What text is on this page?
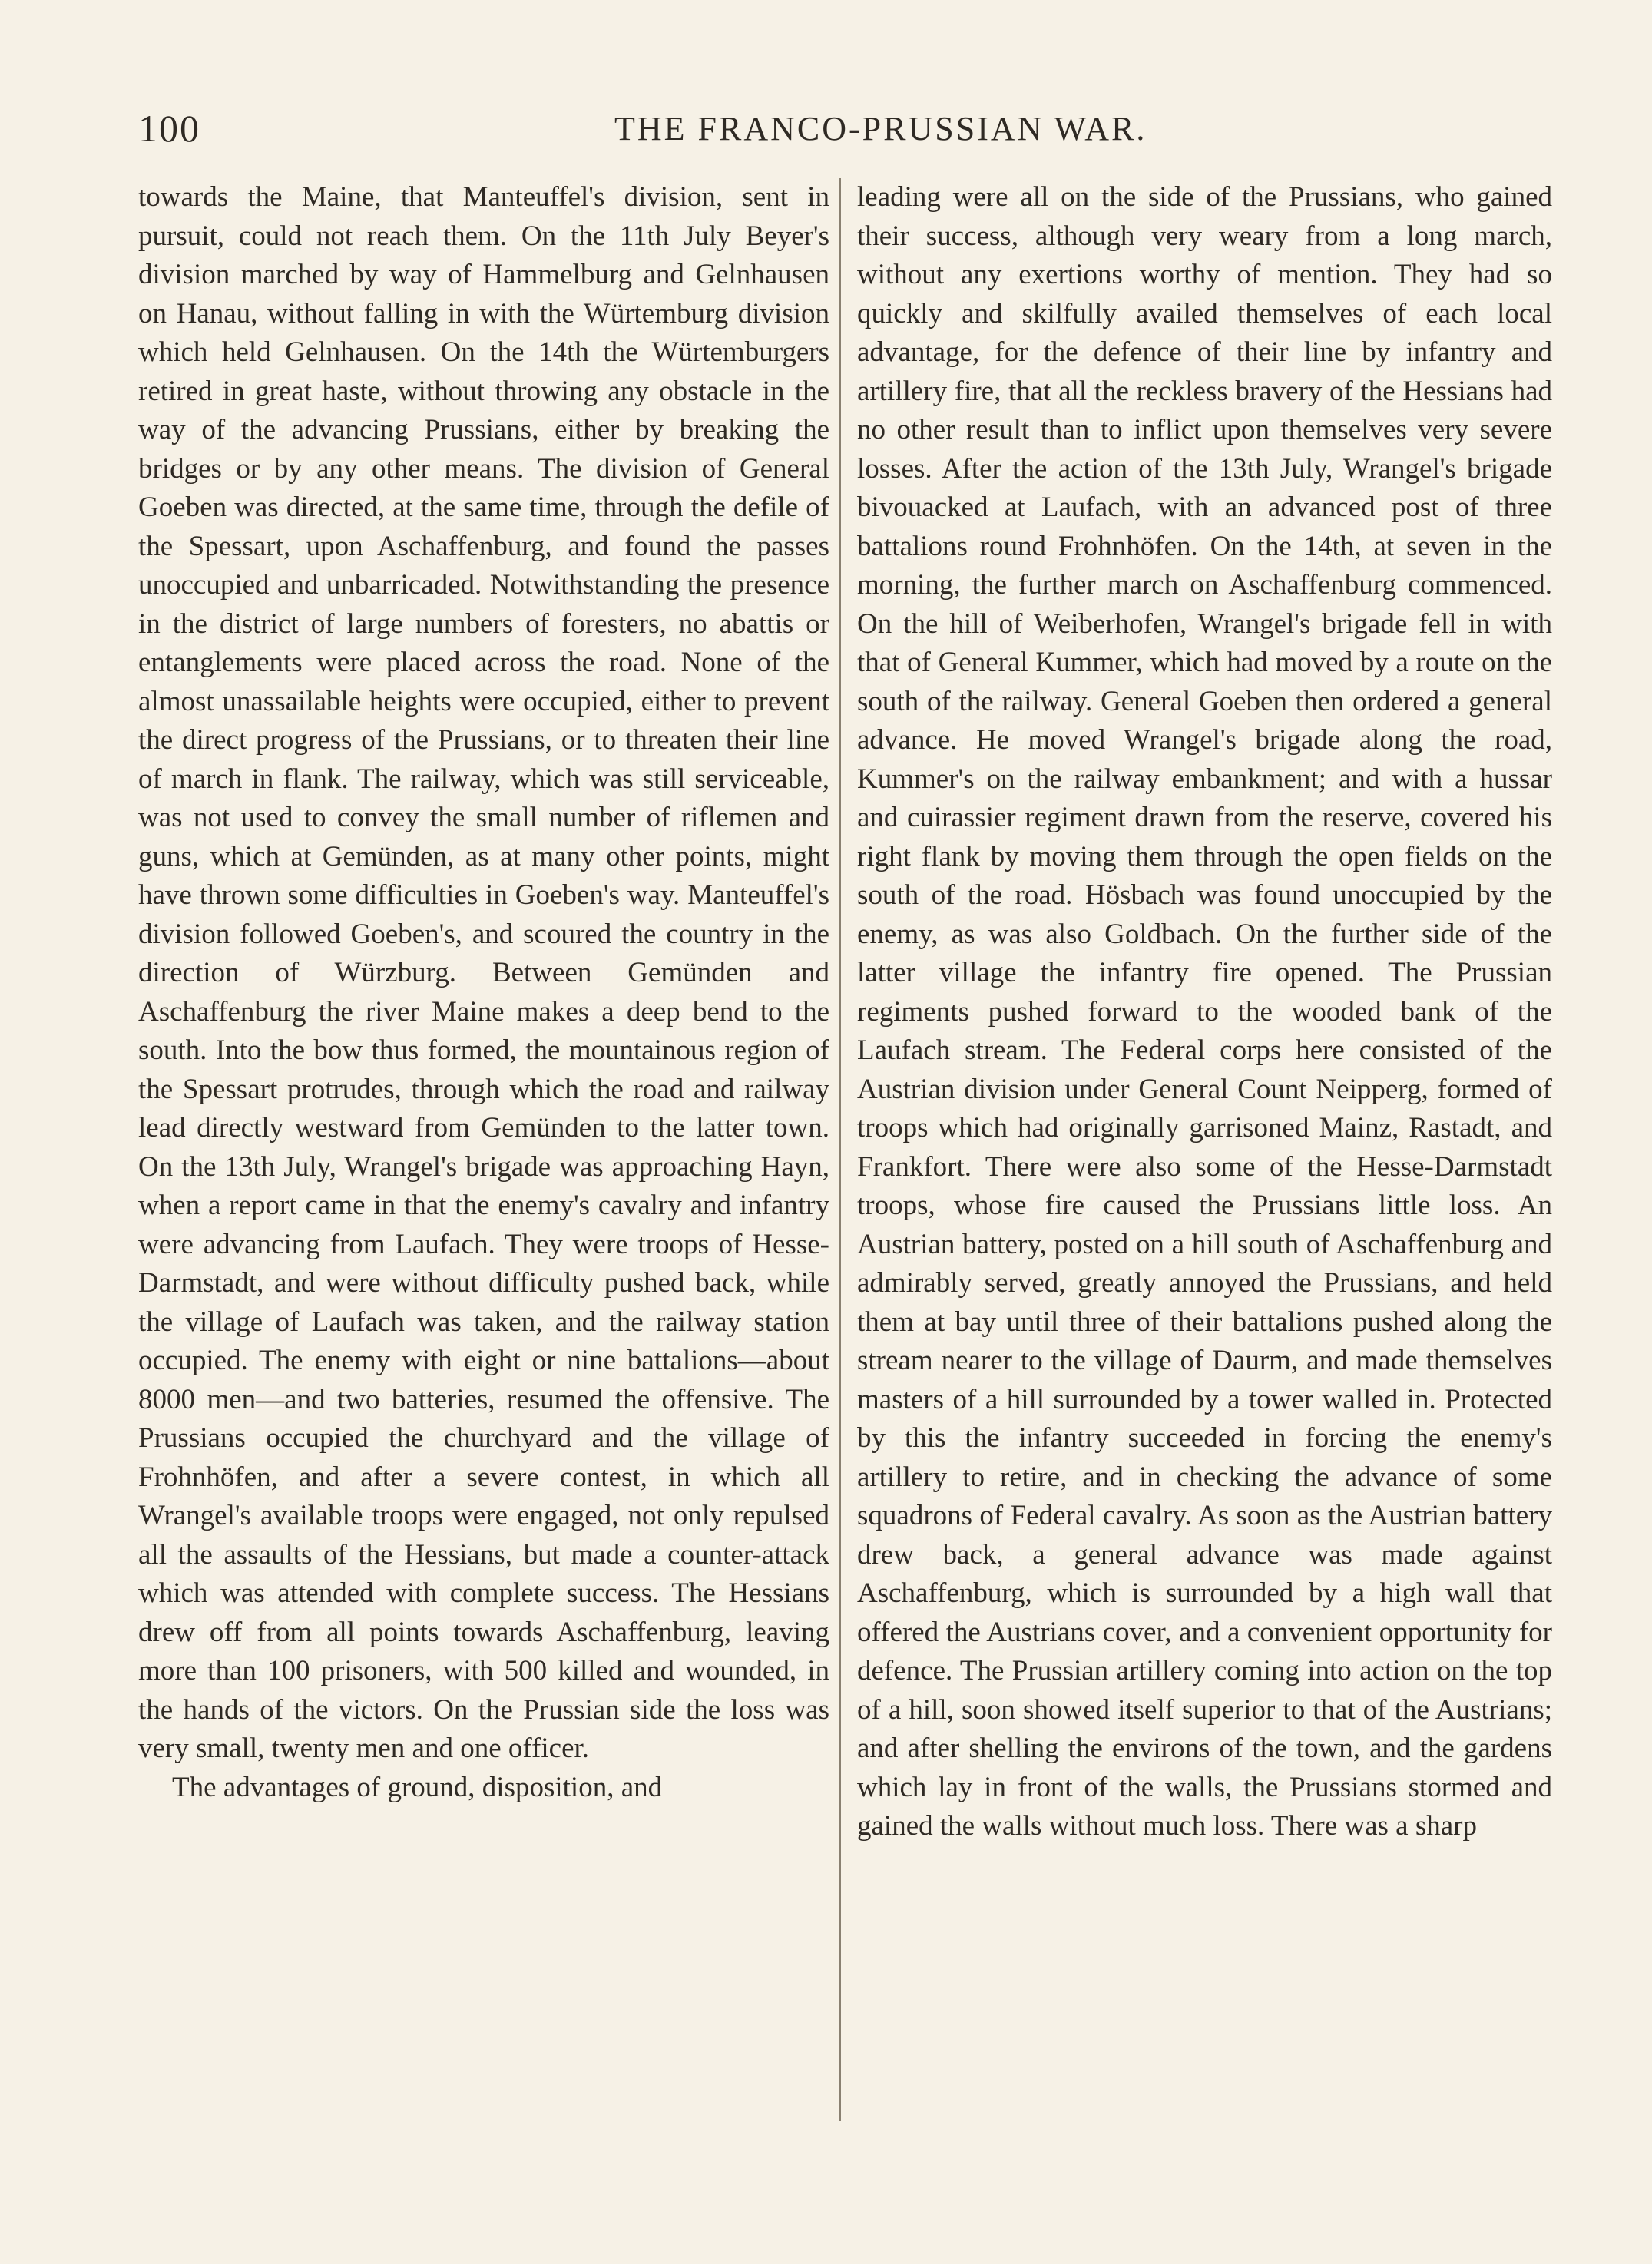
100	THE FRANCO-PRUSSIAN WAR.

towards the Maine, that Manteuffel's division, sent in pursuit, could not reach them. On the 11th July Beyer's division marched by way of Hammelburg and Gelnhausen on Hanau, without falling in with the Würtemburg division which held Gelnhausen. On the 14th the Würtemburgers retired in great haste, without throwing any obstacle in the way of the advancing Prussians, either by breaking the bridges or by any other means. The division of General Goeben was directed, at the same time, through the defile of the Spessart, upon Aschaffenburg, and found the passes unoccupied and unbarricaded. Notwithstanding the presence in the district of large numbers of foresters, no abattis or entanglements were placed across the road. None of the almost unassailable heights were occupied, either to prevent the direct progress of the Prussians, or to threaten their line of march in flank. The railway, which was still serviceable, was not used to convey the small number of riflemen and guns, which at Gemünden, as at many other points, might have thrown some difficulties in Goeben's way. Manteuffel's division followed Goeben's, and scoured the country in the direction of Würzburg. Between Gemünden and Aschaffenburg the river Maine makes a deep bend to the south. Into the bow thus formed, the mountainous region of the Spessart protrudes, through which the road and railway lead directly westward from Gemünden to the latter town. On the 13th July, Wrangel's brigade was approaching Hayn, when a report came in that the enemy's cavalry and infantry were advancing from Laufach. They were troops of Hesse-Darmstadt, and were without difficulty pushed back, while the village of Laufach was taken, and the railway station occupied. The enemy with eight or nine battalions—about 8000 men—and two batteries, resumed the offensive. The Prussians occupied the churchyard and the village of Frohnhöfen, and after a severe contest, in which all Wrangel's available troops were engaged, not only repulsed all the assaults of the Hessians, but made a counter-attack which was attended with complete success. The Hessians drew off from all points towards Aschaffenburg, leaving more than 100 prisoners, with 500 killed and wounded, in the hands of the victors. On the Prussian side the loss was very small, twenty men and one officer.

The advantages of ground, disposition, and

leading were all on the side of the Prussians, who gained their success, although very weary from a long march, without any exertions worthy of mention. They had so quickly and skilfully availed themselves of each local advantage, for the defence of their line by infantry and artillery fire, that all the reckless bravery of the Hessians had no other result than to inflict upon themselves very severe losses. After the action of the 13th July, Wrangel's brigade bivouacked at Laufach, with an advanced post of three battalions round Frohnhöfen. On the 14th, at seven in the morning, the further march on Aschaffenburg commenced. On the hill of Weiberhofen, Wrangel's brigade fell in with that of General Kummer, which had moved by a route on the south of the railway. General Goeben then ordered a general advance. He moved Wrangel's brigade along the road, Kummer's on the railway embankment; and with a hussar and cuirassier regiment drawn from the reserve, covered his right flank by moving them through the open fields on the south of the road. Hösbach was found unoccupied by the enemy, as was also Goldbach. On the further side of the latter village the infantry fire opened. The Prussian regiments pushed forward to the wooded bank of the Laufach stream. The Federal corps here consisted of the Austrian division under General Count Neipperg, formed of troops which had originally garrisoned Mainz, Rastadt, and Frankfort. There were also some of the Hesse-Darmstadt troops, whose fire caused the Prussians little loss. An Austrian battery, posted on a hill south of Aschaffenburg and admirably served, greatly annoyed the Prussians, and held them at bay until three of their battalions pushed along the stream nearer to the village of Daurm, and made themselves masters of a hill surrounded by a tower walled in. Protected by this the infantry succeeded in forcing the enemy's artillery to retire, and in checking the advance of some squadrons of Federal cavalry. As soon as the Austrian battery drew back, a general advance was made against Aschaffenburg, which is surrounded by a high wall that offered the Austrians cover, and a convenient opportunity for defence. The Prussian artillery coming into action on the top of a hill, soon showed itself superior to that of the Austrians; and after shelling the environs of the town, and the gardens which lay in front of the walls, the Prussians stormed and gained the walls without much loss. There was a sharp
